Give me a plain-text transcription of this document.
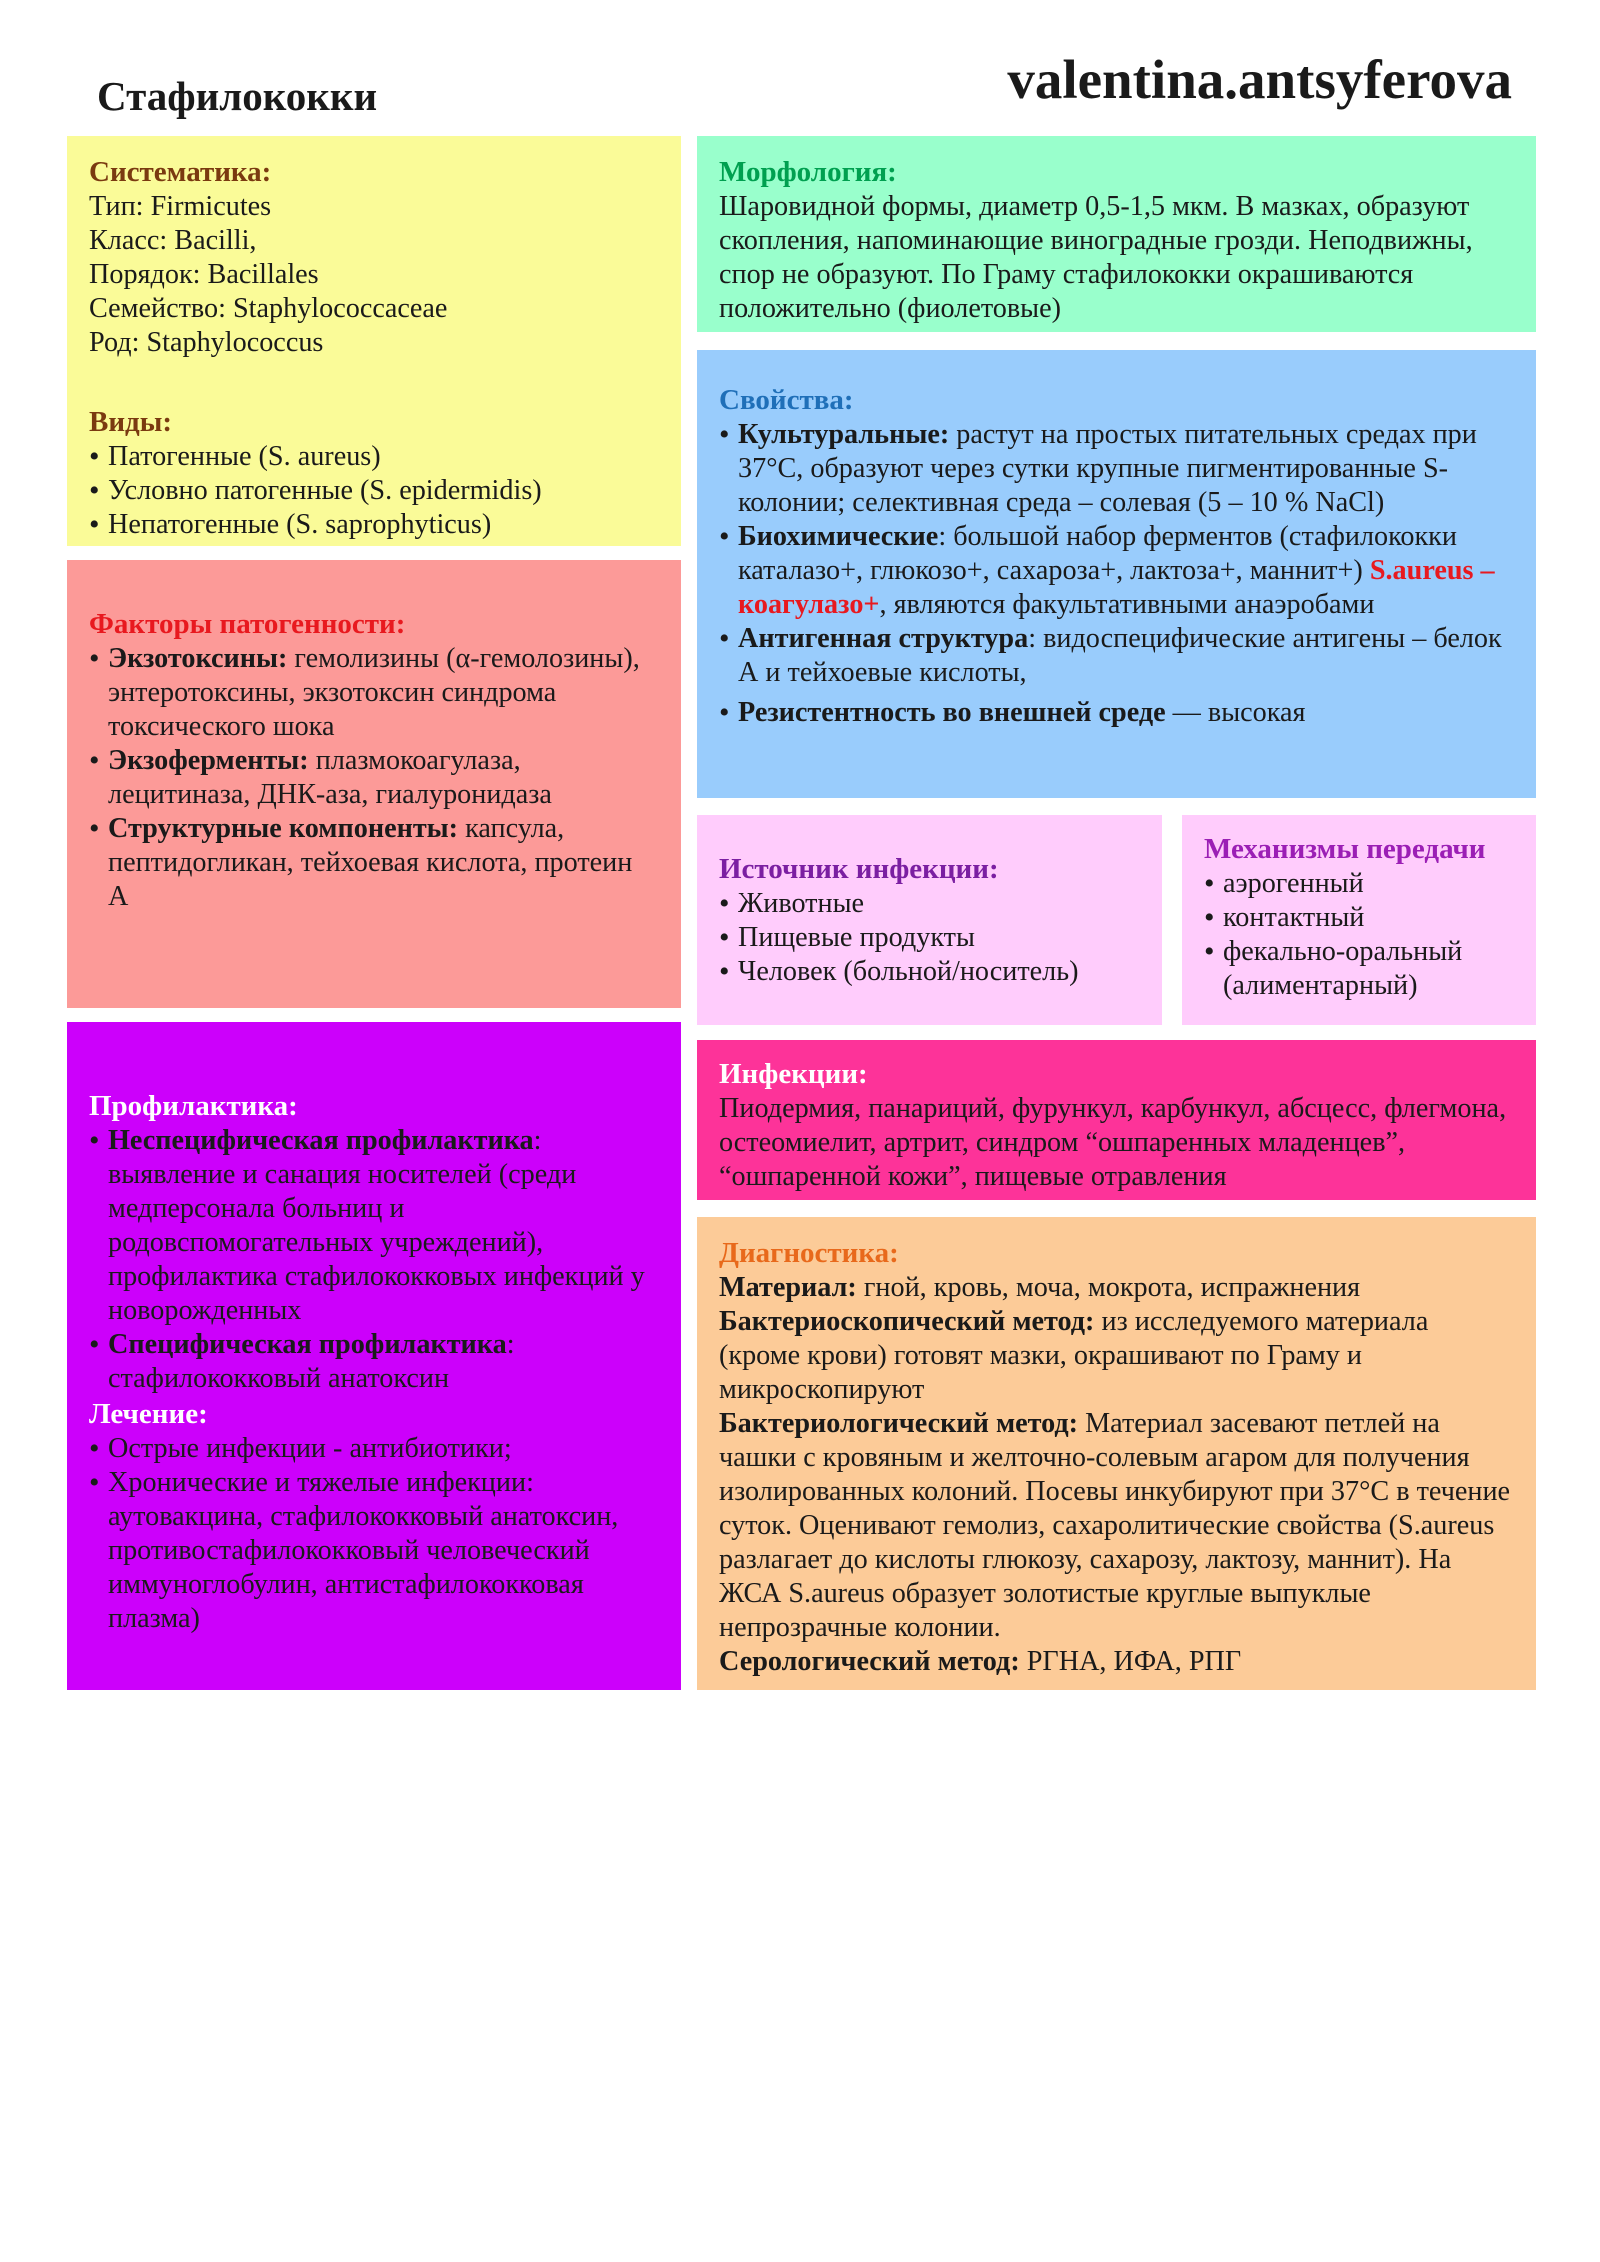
Стафилококки	valentina.antsyferova
Систематика:

Тип: Firmicutes

Класс: Bacilli,

Порядок: Bacillales

Семейство: Staphylococcaceae

Род: Staphylococcus

Виды:
• Патогенные (S. aureus)
• Условно патогенные (S. epidermidis)
• Непатогенные (S. saprophyticus)
Морфология:

Шаровидной формы, диаметр 0,5-1,5 мкм. В мазках, образуют скопления, напоминающие виноградные грозди. Неподвижны, спор не образуют. По Граму стафилококки окрашиваются положительно (фиолетовые)

Факторы патогенности:
• Экзотоксины: гемолизины (α-гемолозины), энтеротоксины, экзотоксин синдрома токсического шока
• Экзоферменты: плазмокоагулаза, лецитиназа, ДНК-аза, гиалуронидаза
• Структурные компоненты: капсула, пептидогликан, тейхоевая кислота, протеин А
Свойства:
• Культуральные: растут на простых питательных средах при 37°С, образуют через сутки крупные пигментированные S-колонии; селективная среда – солевая (5 – 10 % NaCl)
• Биохимические: большой набор ферментов (стафилококки каталазо+, глюкозо+, сахароза+, лактоза+, маннит+) S.aureus – коагулазо+, являются факультативными анаэробами
• Антигенная структура: видоспецифические антигены – белок А и тейхоевые кислоты,
• Резистентность во внешней среде — высокая
Источник инфекции:
• Животные
• Пищевые продукты
• Человек (больной/носитель)
Механизмы передачи
• аэрогенный
• контактный
• фекально-оральный (алиментарный)
Профилактика:
• Неспецифическая профилактика: выявление и санация носителей (среди медперсонала больниц и родовспомогательных учреждений), профилактика стафилококковых инфекций у новорожденных
• Специфическая профилактика: стафилококковый анатоксин
Лечение:
• Острые инфекции - антибиотики;
• Хронические и тяжелые инфекции: аутовакцина, стафилококковый анатоксин, противостафилококковый человеческий иммуноглобулин, антистафилококковая плазма)
Инфекции:

Пиодермия, панариций, фурункул, карбункул, абсцесс, флегмона, остеомиелит, артрит, синдром “ошпаренных младенцев”, “ошпаренной кожи”, пищевые отравления

Диагностика:

Материал: гной, кровь, моча, мокрота, испражнения

Бактериоскопический метод: из исследуемого материала (кроме крови) готовят мазки, окрашивают по Граму и микроскопируют

Бактериологический метод: Материал засевают петлей на чашки с кровяным и желточно-солевым агаром для получения изолированных колоний. Посевы инкубируют при 37°С в течение суток. Оценивают гемолиз, сахаролитические свойства (S.aureus разлагает до кислоты глюкозу, сахарозу, лактозу, маннит). На ЖСА S.aureus образует золотистые круглые выпуклые непрозрачные колонии.

Серологический метод: РГНА, ИФА, РПГ
